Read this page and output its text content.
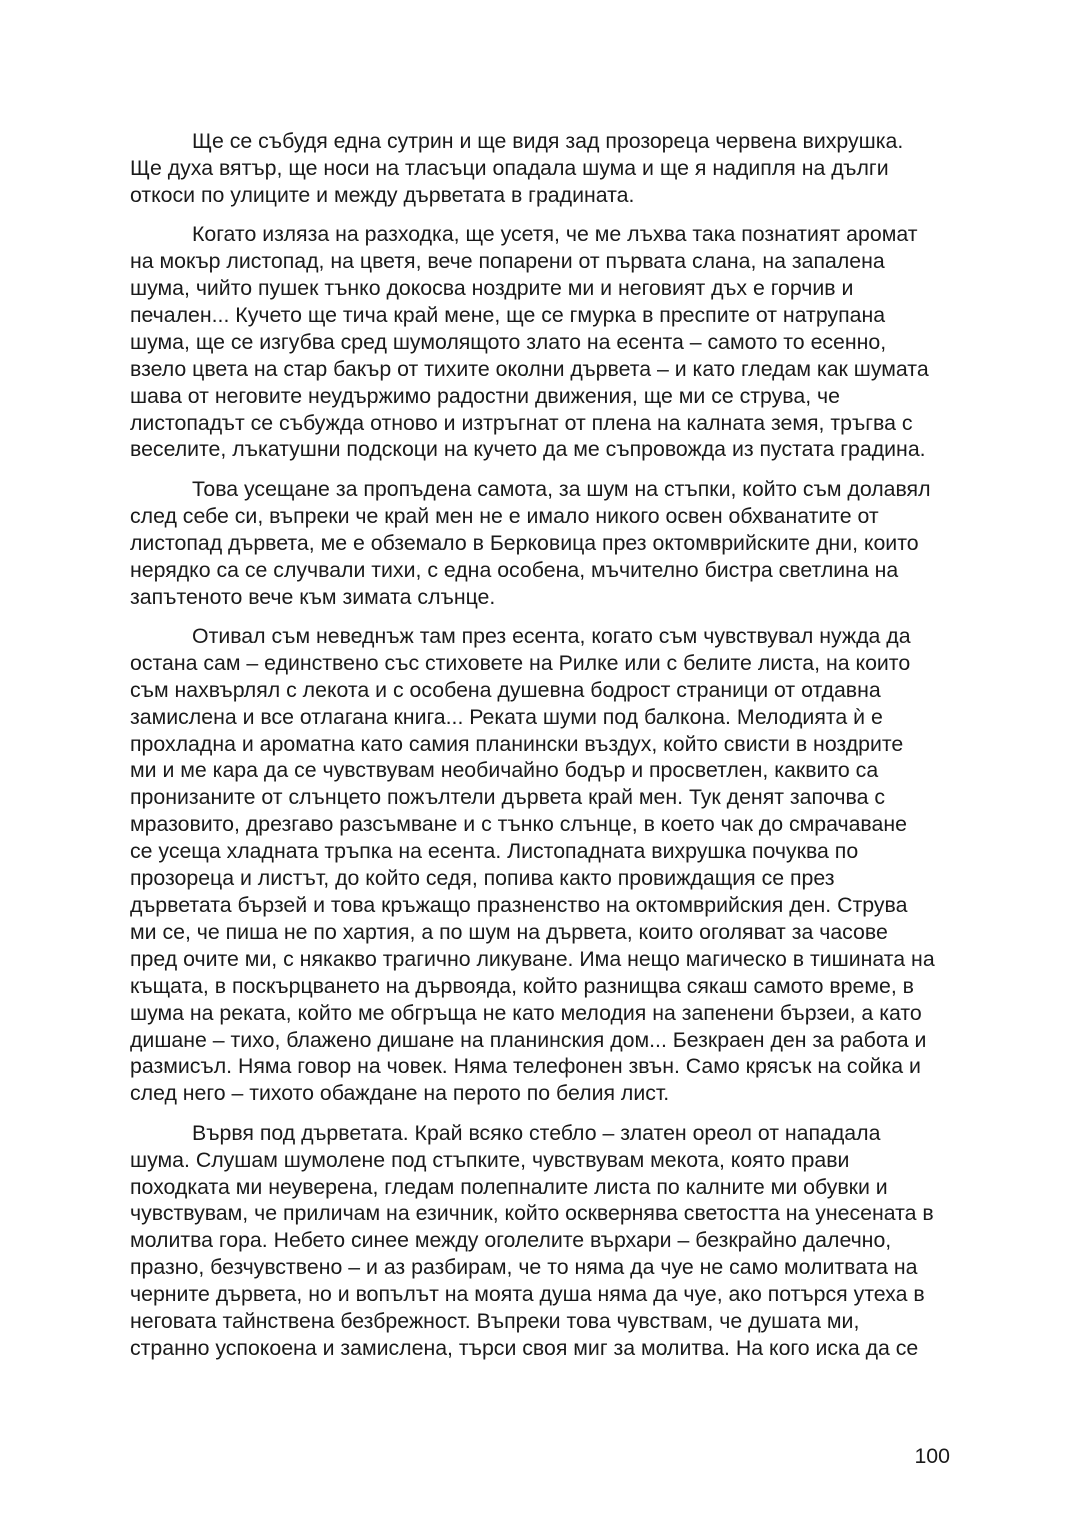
Ще се събудя една сутрин и ще видя зад прозореца червена вихрушка.
Ще духа вятър, ще носи на тласъци опадала шума и ще я надипля на дълги
откоси по улиците и между дърветата в градината.

Когато изляза на разходка, ще усетя, че ме лъхва така познатият аромат
на мокър листопад, на цветя, вече попарени от първата слана, на запалена
шума, чийто пушек тънко докосва ноздрите ми и неговият дъх е горчив и
печален... Кучето ще тича край мене, ще се гмурка в преспите от натрупана
шума, ще се изгубва сред шумолящото злато на есента – самото то есенно,
взело цвета на стар бакър от тихите околни дървета – и като гледам как шумата
шава от неговите неудържимо радостни движения, ще ми се струва, че
листопадът се събужда отново и изтръгнат от плена на калната земя, тръгва с
веселите, лъкатушни подскоци на кучето да ме съпровожда из пустата градина.

Това усещане за пропъдена самота, за шум на стъпки, който съм долавял
след себе си, въпреки че край мен не е имало никого освен обхванатите от
листопад дървета, ме е обземало в Берковица през октомврийските дни, които
нерядко са се случвали тихи, с една особена, мъчително бистра светлина на
запътеното вече към зимата слънце.

Отивал съм неведнъж там през есента, когато съм чувствувал нужда да
остана сам – единствено със стиховете на Рилке или с белите листа, на които
съм нахвърлял с лекота и с особена душевна бодрост страници от отдавна
замислена и все отлагана книга... Реката шуми под балкона. Мелодията ѝ е
прохладна и ароматна като самия планински въздух, който свисти в ноздрите
ми и ме кара да се чувствувам необичайно бодър и просветлен, каквито са
пронизаните от слънцето пожълтели дървета край мен. Тук денят започва с
мразовито, дрезгаво разсъмване и с тънко слънце, в което чак до смрачаване
се усеща хладната тръпка на есента. Листопадната вихрушка почуква по
прозореца и листът, до който седя, попива както провиждащия се през
дърветата бързей и това кръжащо празненство на октомврийския ден. Струва
ми се, че пиша не по хартия, а по шум на дървета, които оголяват за часове
пред очите ми, с някакво трагично ликуване. Има нещо магическо в тишината на
къщата, в поскърцването на дървояда, който разнищва сякаш самото време, в
шума на реката, който ме обгръща не като мелодия на запенени бързеи, а като
дишане – тихо, блажено дишане на планинския дом... Безкраен ден за работа и
размисъл. Няма говор на човек. Няма телефонен звън. Само крясък на сойка и
след него – тихото обаждане на перото по белия лист.

Вървя под дърветата. Край всяко стебло – златен ореол от нападала
шума. Слушам шумолене под стъпките, чувствувам мекота, която прави
походката ми неуверена, гледам полепналите листа по калните ми обувки и
чувствувам, че приличам на езичник, който осквернява светостта на унесената в
молитва гора. Небето синее между оголелите върхари – безкрайно далечно,
празно, безчувствено – и аз разбирам, че то няма да чуе не само молитвата на
черните дървета, но и вопълът на моята душа няма да чуе, ако потърся утеха в
неговата тайнствена безбрежност. Въпреки това чувствам, че душата ми,
странно успокоена и замислена, търси своя миг за молитва. На кого иска да се

100
